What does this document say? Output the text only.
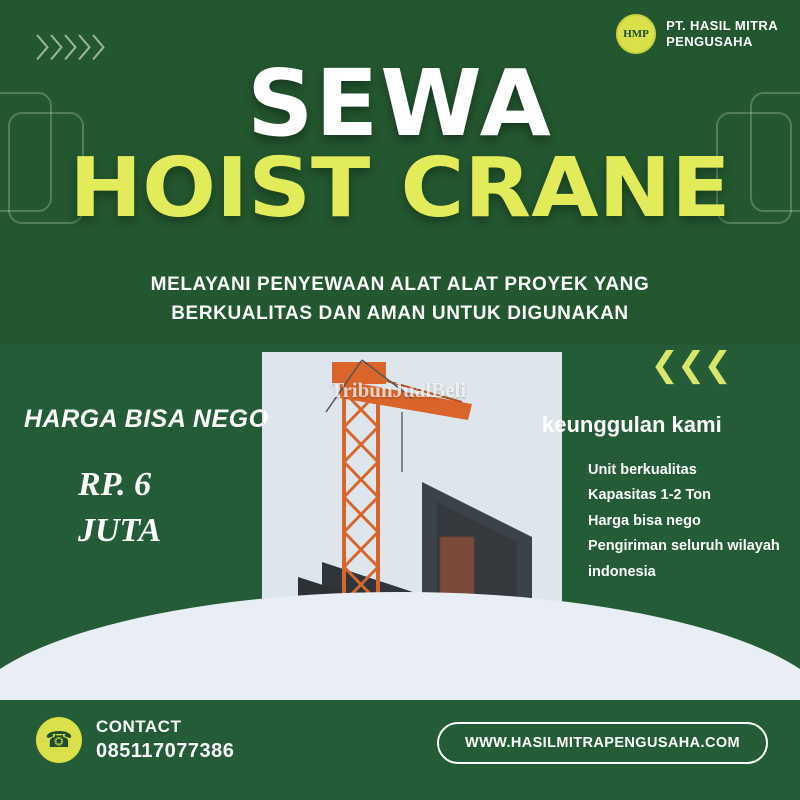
〉〉〉〉〉	HMP
PT. HASIL MITRA
PENGUSAHA
SEWA
HOIST CRANE
MELAYANI PENYEWAAN ALAT ALAT PROYEK YANG
BERKUALITAS DAN AMAN UNTUK DIGUNAKAN
TribunJualBeli
HARGA BISA NEGO
RP. 6
JUTA
❮❮❮
keunggulan kami
Unit berkualitas
Kapasitas 1-2 Ton
Harga bisa nego
Pengiriman seluruh wilayah
indonesia
☎
CONTACT
085117077386	WWW.HASILMITRAPENGUSAHA.COM
